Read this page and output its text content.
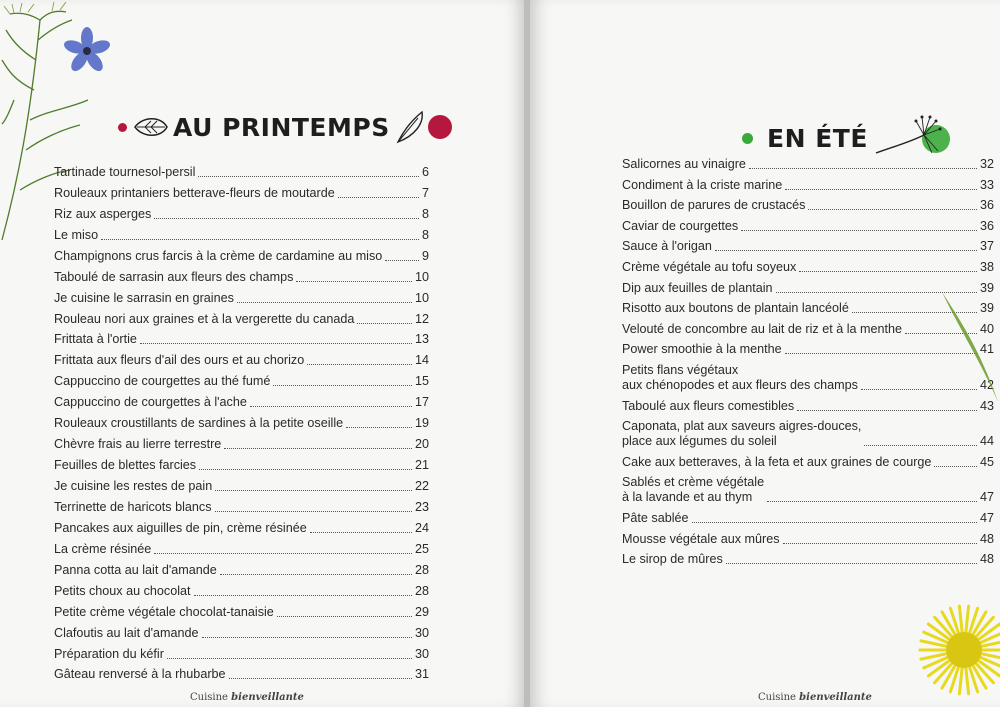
AU PRINTEMPS
Tartinade tournesol-persil	6
Rouleaux printaniers betterave-fleurs de moutarde	7
Riz aux asperges	8
Le miso	8
Champignons crus farcis à la crème de cardamine au miso	9
Taboulé de sarrasin aux fleurs des champs	10
Je cuisine le sarrasin en graines	10
Rouleau nori aux graines et à la vergerette du canada	12
Frittata à l'ortie	13
Frittata aux fleurs d'ail des ours et au chorizo	14
Cappuccino de courgettes au thé fumé	15
Cappuccino de courgettes à l'ache	17
Rouleaux croustillants de sardines à la petite oseille	19
Chèvre frais au lierre terrestre	20
Feuilles de blettes farcies	21
Je cuisine les restes de pain	22
Terrinette de haricots blancs	23
Pancakes aux aiguilles de pin, crème résinée	24
La crème résinée	25
Panna cotta au lait d'amande	28
Petits choux au chocolat	28
Petite crème végétale chocolat-tanaisie	29
Clafoutis au lait d'amande	30
Préparation du kéfir	30
Gâteau renversé à la rhubarbe	31
Cuisine bienveillante
EN ÉTÉ
Salicornes au vinaigre	32
Condiment à la criste marine	33
Bouillon de parures de crustacés	36
Caviar de courgettes	36
Sauce à l'origan	37
Crème végétale au tofu soyeux	38
Dip aux feuilles de plantain	39
Risotto aux boutons de plantain lancéolé	39
Velouté de concombre au lait de riz et à la menthe	40
Power smoothie à la menthe	41
Petits flans végétaux
aux chénopodes et aux fleurs des champs	42
Taboulé aux fleurs comestibles	43
Caponata, plat aux saveurs aigres-douces,
place aux légumes du soleil	44
Cake aux betteraves, à la feta et aux graines de courge	45
Sablés et crème végétale
à la lavande et au thym	47
Pâte sablée	47
Mousse végétale aux mûres	48
Le sirop de mûres	48
Cuisine bienveillante
